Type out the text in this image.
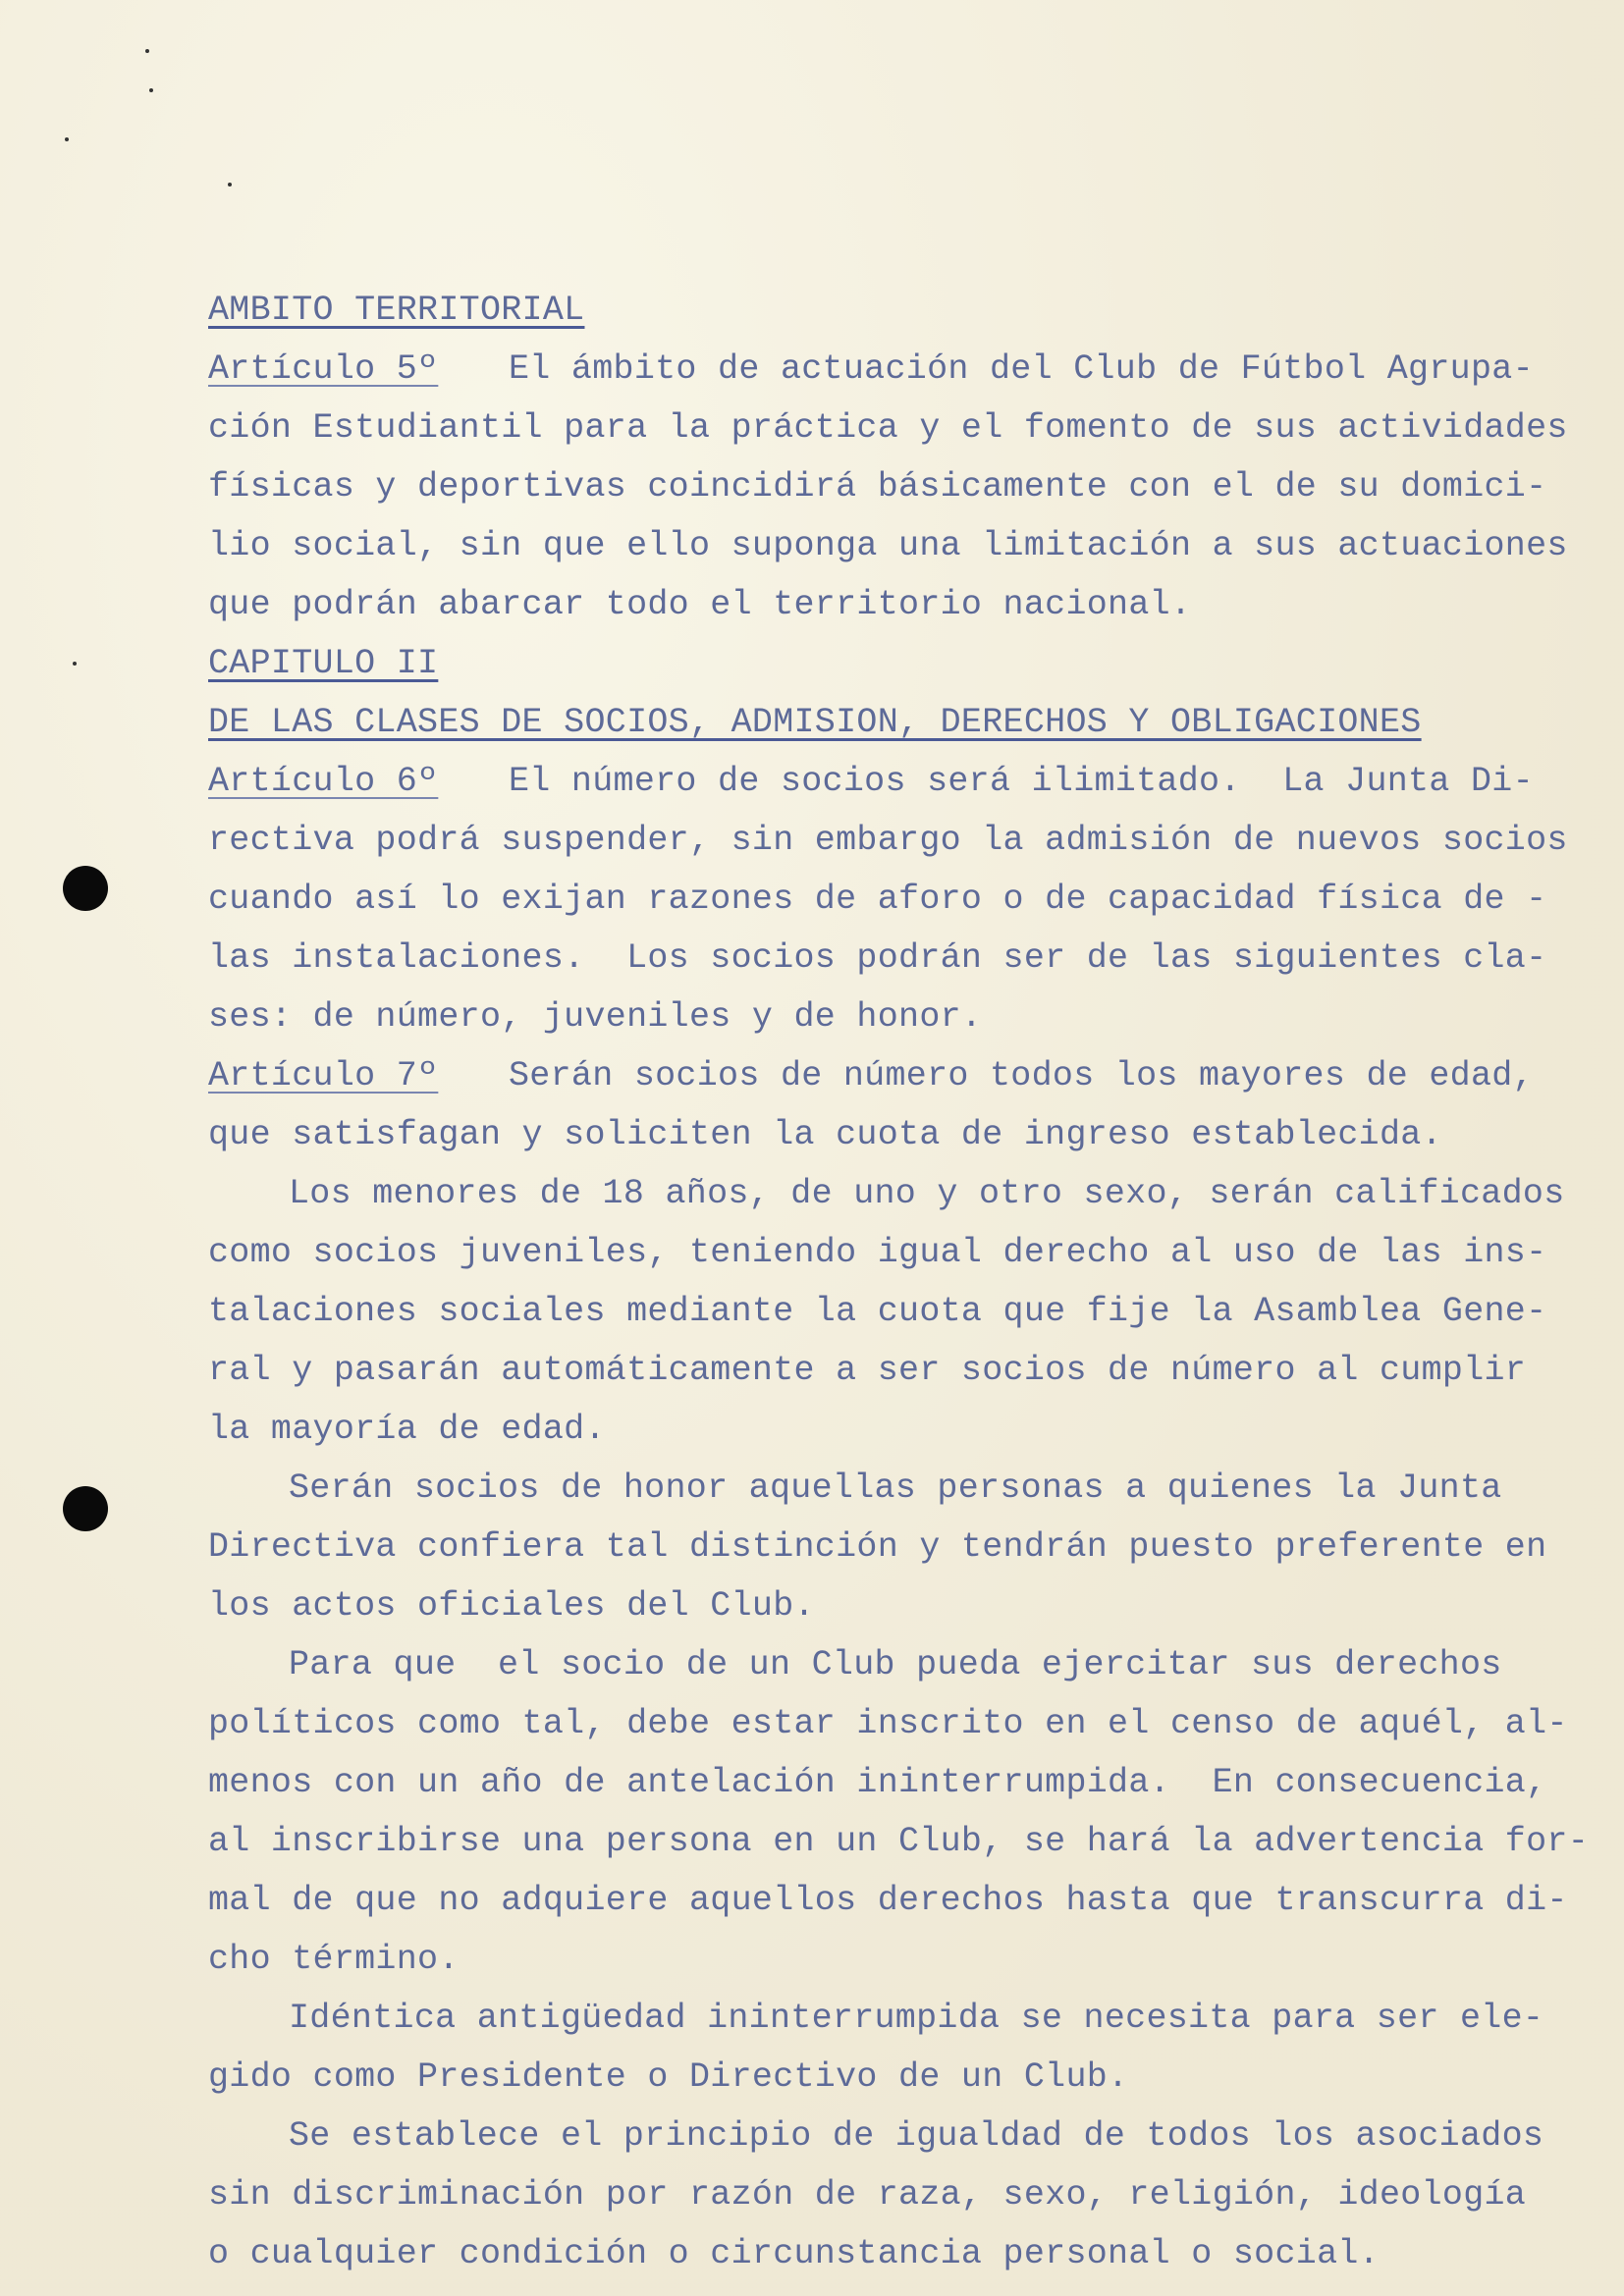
AMBITO TERRITORIAL
Artículo 5º El ámbito de actuación del Club de Fútbol Agrupa-
ción Estudiantil para la práctica y el fomento de sus actividades
físicas y deportivas coincidirá básicamente con el de su domici-
lio social, sin que ello suponga una limitación a sus actuaciones
que podrán abarcar todo el territorio nacional.
CAPITULO II
DE LAS CLASES DE SOCIOS, ADMISION, DERECHOS Y OBLIGACIONES
Artículo 6º El número de socios será ilimitado.  La Junta Di-
rectiva podrá suspender, sin embargo la admisión de nuevos socios
cuando así lo exijan razones de aforo o de capacidad física de -
las instalaciones.  Los socios podrán ser de las siguientes cla-
ses: de número, juveniles y de honor.
Artículo 7º Serán socios de número todos los mayores de edad,
que satisfagan y soliciten la cuota de ingreso establecida.
Los menores de 18 años, de uno y otro sexo, serán calificados
como socios juveniles, teniendo igual derecho al uso de las ins-
talaciones sociales mediante la cuota que fije la Asamblea Gene-
ral y pasarán automáticamente a ser socios de número al cumplir
la mayoría de edad.
Serán socios de honor aquellas personas a quienes la Junta
Directiva confiera tal distinción y tendrán puesto preferente en
los actos oficiales del Club.
Para que  el socio de un Club pueda ejercitar sus derechos
políticos como tal, debe estar inscrito en el censo de aquél, al-
menos con un año de antelación ininterrumpida.  En consecuencia,
al inscribirse una persona en un Club, se hará la advertencia for-
mal de que no adquiere aquellos derechos hasta que transcurra di-
cho término.
Idéntica antigüedad ininterrumpida se necesita para ser ele-
gido como Presidente o Directivo de un Club.
Se establece el principio de igualdad de todos los asociados
sin discriminación por razón de raza, sexo, religión, ideología
o cualquier condición o circunstancia personal o social.
